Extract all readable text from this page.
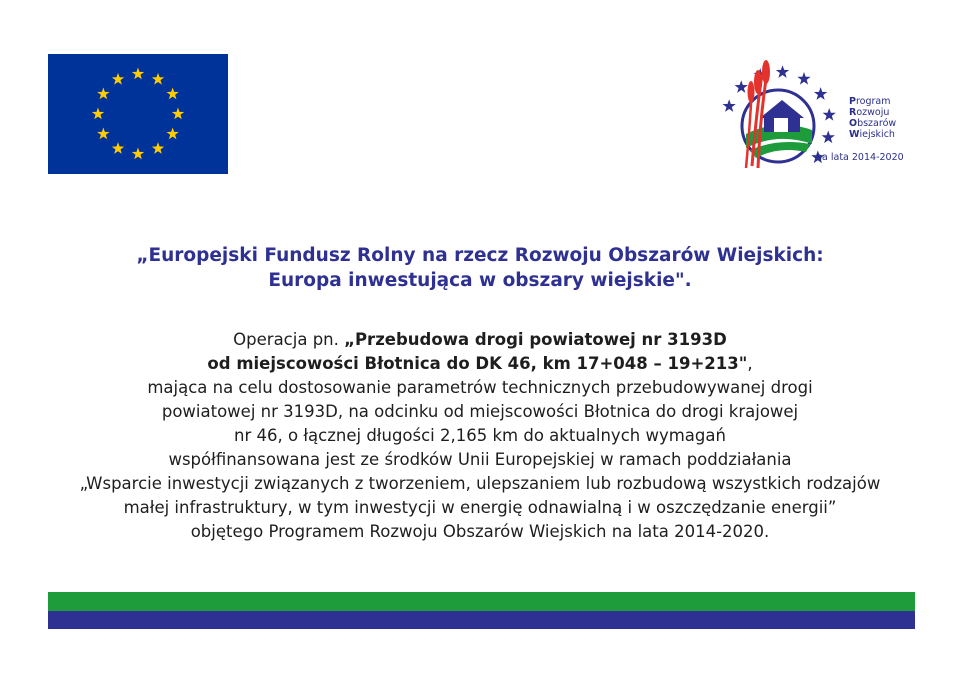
Program
Rozwoju
Obszarów
Wiejskich
na lata 2014-2020
„Europejski Fundusz Rolny na rzecz Rozwoju Obszarów Wiejskich:
Europa inwestująca w obszary wiejskie".
Operacja pn. „Przebudowa drogi powiatowej nr 3193D
od miejscowości Błotnica do DK 46, km 17+048 – 19+213",
mająca na celu dostosowanie parametrów technicznych przebudowywanej drogi
powiatowej nr 3193D, na odcinku od miejscowości Błotnica do drogi krajowej
nr 46, o łącznej długości 2,165 km do aktualnych wymagań
współfinansowana jest ze środków Unii Europejskiej w ramach poddziałania
„Wsparcie inwestycji związanych z tworzeniem, ulepszaniem lub rozbudową wszystkich rodzajów
małej infrastruktury, w tym inwestycji w energię odnawialną i w oszczędzanie energii”
objętego Programem Rozwoju Obszarów Wiejskich na lata 2014-2020.
